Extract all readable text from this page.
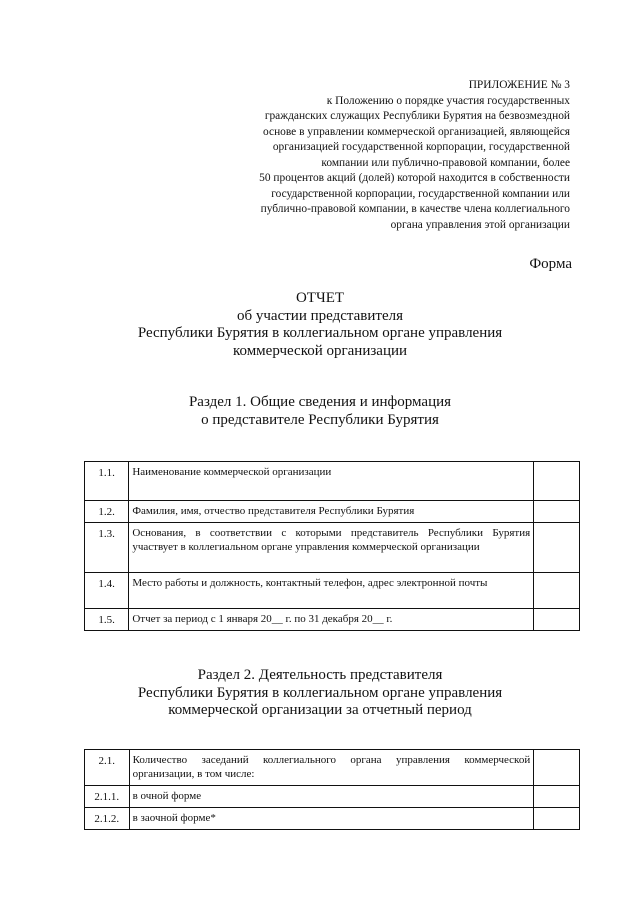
ПРИЛОЖЕНИЕ № 3
к Положению о порядке участия государственных
гражданских служащих Республики Бурятия на безвозмездной
основе в управлении коммерческой организацией, являющейся
организацией государственной корпорации, государственной
компании или публично-правовой компании, более
50 процентов акций (долей) которой находится в собственности
государственной корпорации, государственной компании или
публично-правовой компании, в качестве члена коллегиального
органа управления этой организации
Форма
ОТЧЕТ
об участии представителя
Республики Бурятия в коллегиальном органе управления
коммерческой организации
Раздел 1. Общие сведения и информация
о представителе Республики Бурятия
1.1.	Наименование коммерческой организации	
1.2.	Фамилия, имя, отчество представителя Республики Бурятия	
1.3.	Основания, в соответствии с которыми представитель Республики Бурятия участвует в коллегиальном органе управления коммерческой организации	
1.4.	Место работы и должность, контактный телефон, адрес электронной почты	
1.5.	Отчет за период с 1 января 20__ г. по 31 декабря 20__ г.	
Раздел 2. Деятельность представителя
Республики Бурятия в коллегиальном органе управления
коммерческой организации за отчетный период
2.1.	Количество заседаний коллегиального органа управления коммерческой организации, в том числе:	
2.1.1.	в очной форме	
2.1.2.	в заочной форме*	
